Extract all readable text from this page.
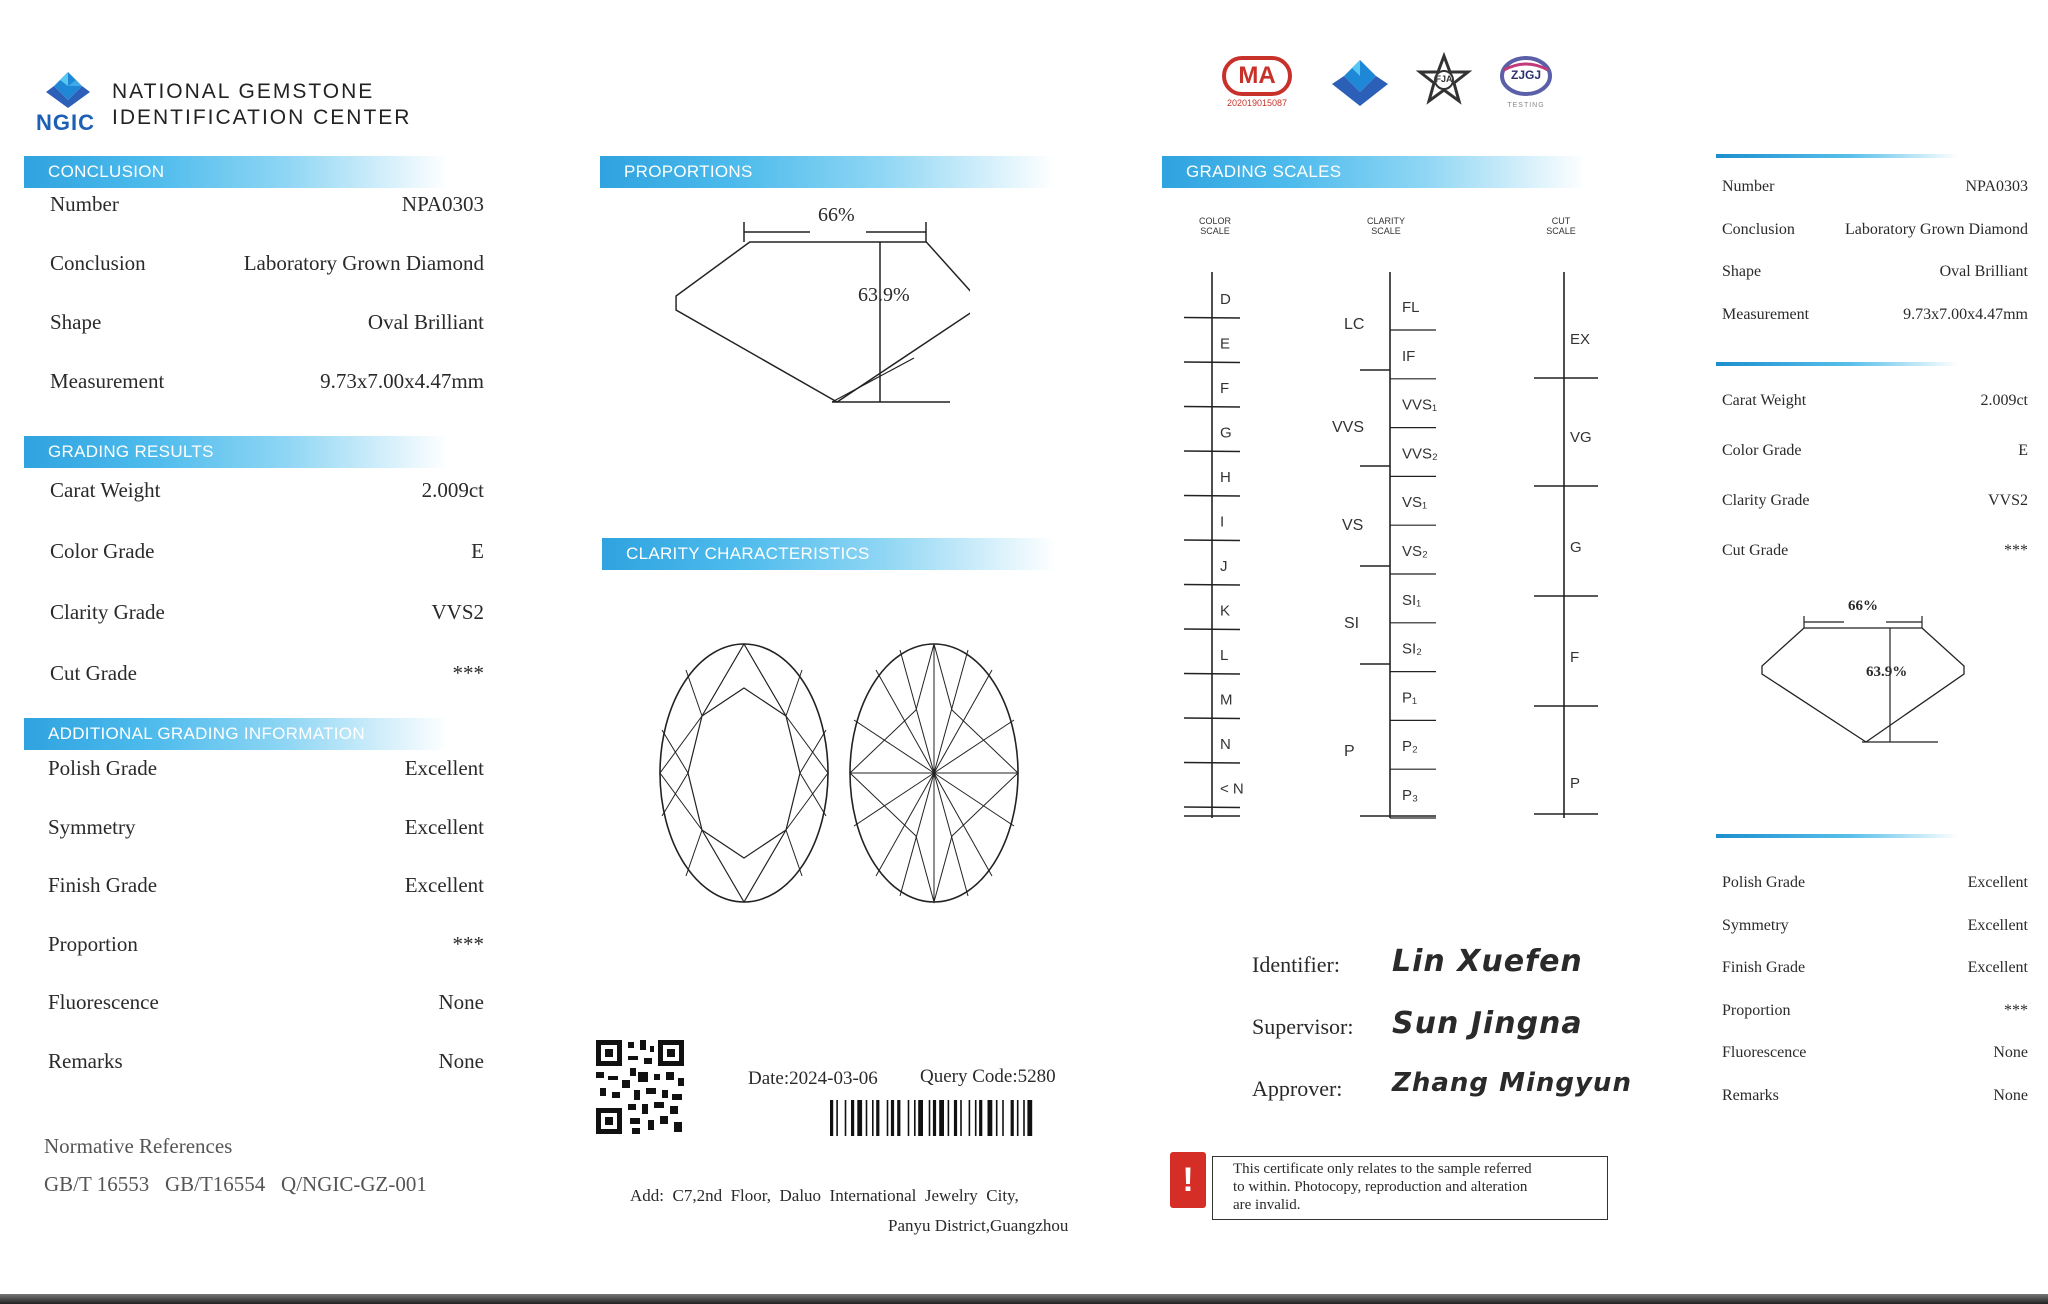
NGIC
NATIONAL GEMSTONE
IDENTIFICATION CENTER
MA
202019015087
FJA	ZJGJ
TESTING
CONCLUSION
Number	NPA0303
Conclusion	Laboratory Grown Diamond
Shape	Oval Brilliant
Measurement	9.73x7.00x4.47mm
GRADING RESULTS
Carat Weight	2.009ct
Color Grade	E
Clarity Grade	VVS2
Cut Grade	***
ADDITIONAL GRADING INFORMATION
Polish Grade	Excellent
Symmetry	Excellent
Finish Grade	Excellent
Proportion	***
Fluorescence	None
Remarks	None
Normative References
GB/T 16553   GB/T16554   Q/NGIC-GZ-001
PROPORTIONS
66%
63.9%
CLARITY CHARACTERISTICS
Date:2024-03-06 Query Code:5280
Add:  C7,2nd  Floor,  Daluo  International  Jewelry  City,
Panyu District,Guangzhou
GRADING SCALES
COLOR
SCALE
CLARITY
SCALE
CUT
SCALE
D
E
F
G
H
I
J
K
L
M
N
< N
FL
IF
VVS₁
VVS₂
VS₁
VS₂
SI₁
SI₂
P₁
P₂
P₃
LC
VVS
VS
SI
P
EX
VG
G
F
P
Identifier: Lin Xuefen
Supervisor: Sun Jingna
Approver: Zhang Mingyun
!	This certificate only relates to the sample referred
to within. Photocopy, reproduction and alteration
are invalid.
Number	NPA0303
Conclusion	Laboratory Grown Diamond
Shape	Oval Brilliant
Measurement	9.73x7.00x4.47mm
Carat Weight	2.009ct
Color Grade	E
Clarity Grade	VVS2
Cut Grade	***
66%
63.9%
Polish Grade	Excellent
Symmetry	Excellent
Finish Grade	Excellent
Proportion	***
Fluorescence	None
Remarks	None
